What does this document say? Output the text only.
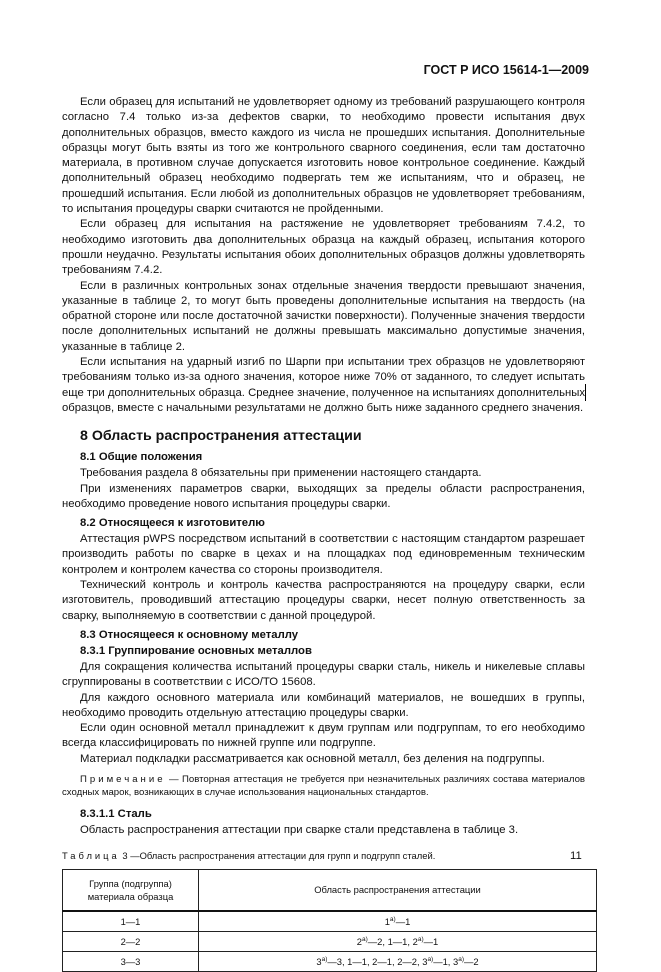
ГОСТ Р ИСО 15614-1—2009

Если образец для испытаний не удовлетворяет одному из требований разрушающего контроля согласно 7.4 только из-за дефектов сварки, то необходимо провести испытания двух дополнительных образцов, вместо каждого из числа не прошедших испытания. Дополнительные образцы могут быть взяты из того же контрольного сварного соединения, если там достаточно материала, в противном случае допускается изготовить новое контрольное соединение. Каждый дополнительный образец необходимо подвергать тем же испытаниям, что и образец, не прошедший испытания. Если любой из дополнительных образцов не удовлетворяет требованиям, то испытания процедуры сварки считаются не пройденными.

Если образец для испытания на растяжение не удовлетворяет требованиям 7.4.2, то необходимо изготовить два дополнительных образца на каждый образец, испытания которого прошли неудачно. Результаты испытания обоих дополнительных образцов должны удовлетворять требованиям 7.4.2.

Если в различных контрольных зонах отдельные значения твердости превышают значения, указанные в таблице 2, то могут быть проведены дополнительные испытания на твердость (на обратной стороне или после достаточной зачистки поверхности). Полученные значения твердости после дополнительных испытаний не должны превышать максимально допустимые значения, указанные в таблице 2.

Если испытания на ударный изгиб по Шарпи при испытании трех образцов не удовлетворяют требованиям только из-за одного значения, которое ниже 70% от заданного, то следует испытать еще три дополнительных образца. Среднее значение, полученное на испытаниях дополнительных образцов, вместе с начальными результатами не должно быть ниже заданного среднего значения.

8 Область распространения аттестации
8.1 Общие положения

Требования раздела 8 обязательны при применении настоящего стандарта.

При изменениях параметров сварки, выходящих за пределы области распространения, необходимо проведение нового испытания процедуры сварки.

8.2 Относящееся к изготовителю

Аттестация pWPS посредством испытаний в соответствии с настоящим стандартом разрешает производить работы по сварке в цехах и на площадках под единовременным техническим контролем и контролем качества со стороны производителя.

Технический контроль и контроль качества распространяются на процедуру сварки, если изготовитель, проводивший аттестацию процедуры сварки, несет полную ответственность за сварку, выполняемую в соответствии с данной процедурой.

8.3 Относящееся к основному металлу
8.3.1 Группирование основных металлов

Для сокращения количества испытаний процедуры сварки сталь, никель и никелевые сплавы сгруппированы в соответствии с ИСО/ТО 15608.

Для каждого основного материала или комбинаций материалов, не вошедших в группы, необходимо проводить отдельную аттестацию процедуры сварки.

Если один основной металл принадлежит к двум группам или подгруппам, то его необходимо всегда классифицировать по нижней группе или подгруппе.

Материал подкладки рассматривается как основной металл, без деления на подгруппы.

Примечание — Повторная аттестация не требуется при незначительных различиях состава материалов сходных марок, возникающих в случае использования национальных стандартов.

8.3.1.1 Сталь

Область распространения аттестации при сварке стали представлена в таблице 3.

Таблица 3 —Область распространения аттестации для групп и подгрупп сталей.

Группа (подгруппа)
материала образца	Область распространения аттестации
1—1	$1^{а)}—1$
2—2	$2^{а)}—2$, 1—1, $2^{а)}—1$
3—3	$3^{а)}—3$, 1—1, 2—1, 2—2, $3^{а)}—1$, $3^{а)}—2$
11
